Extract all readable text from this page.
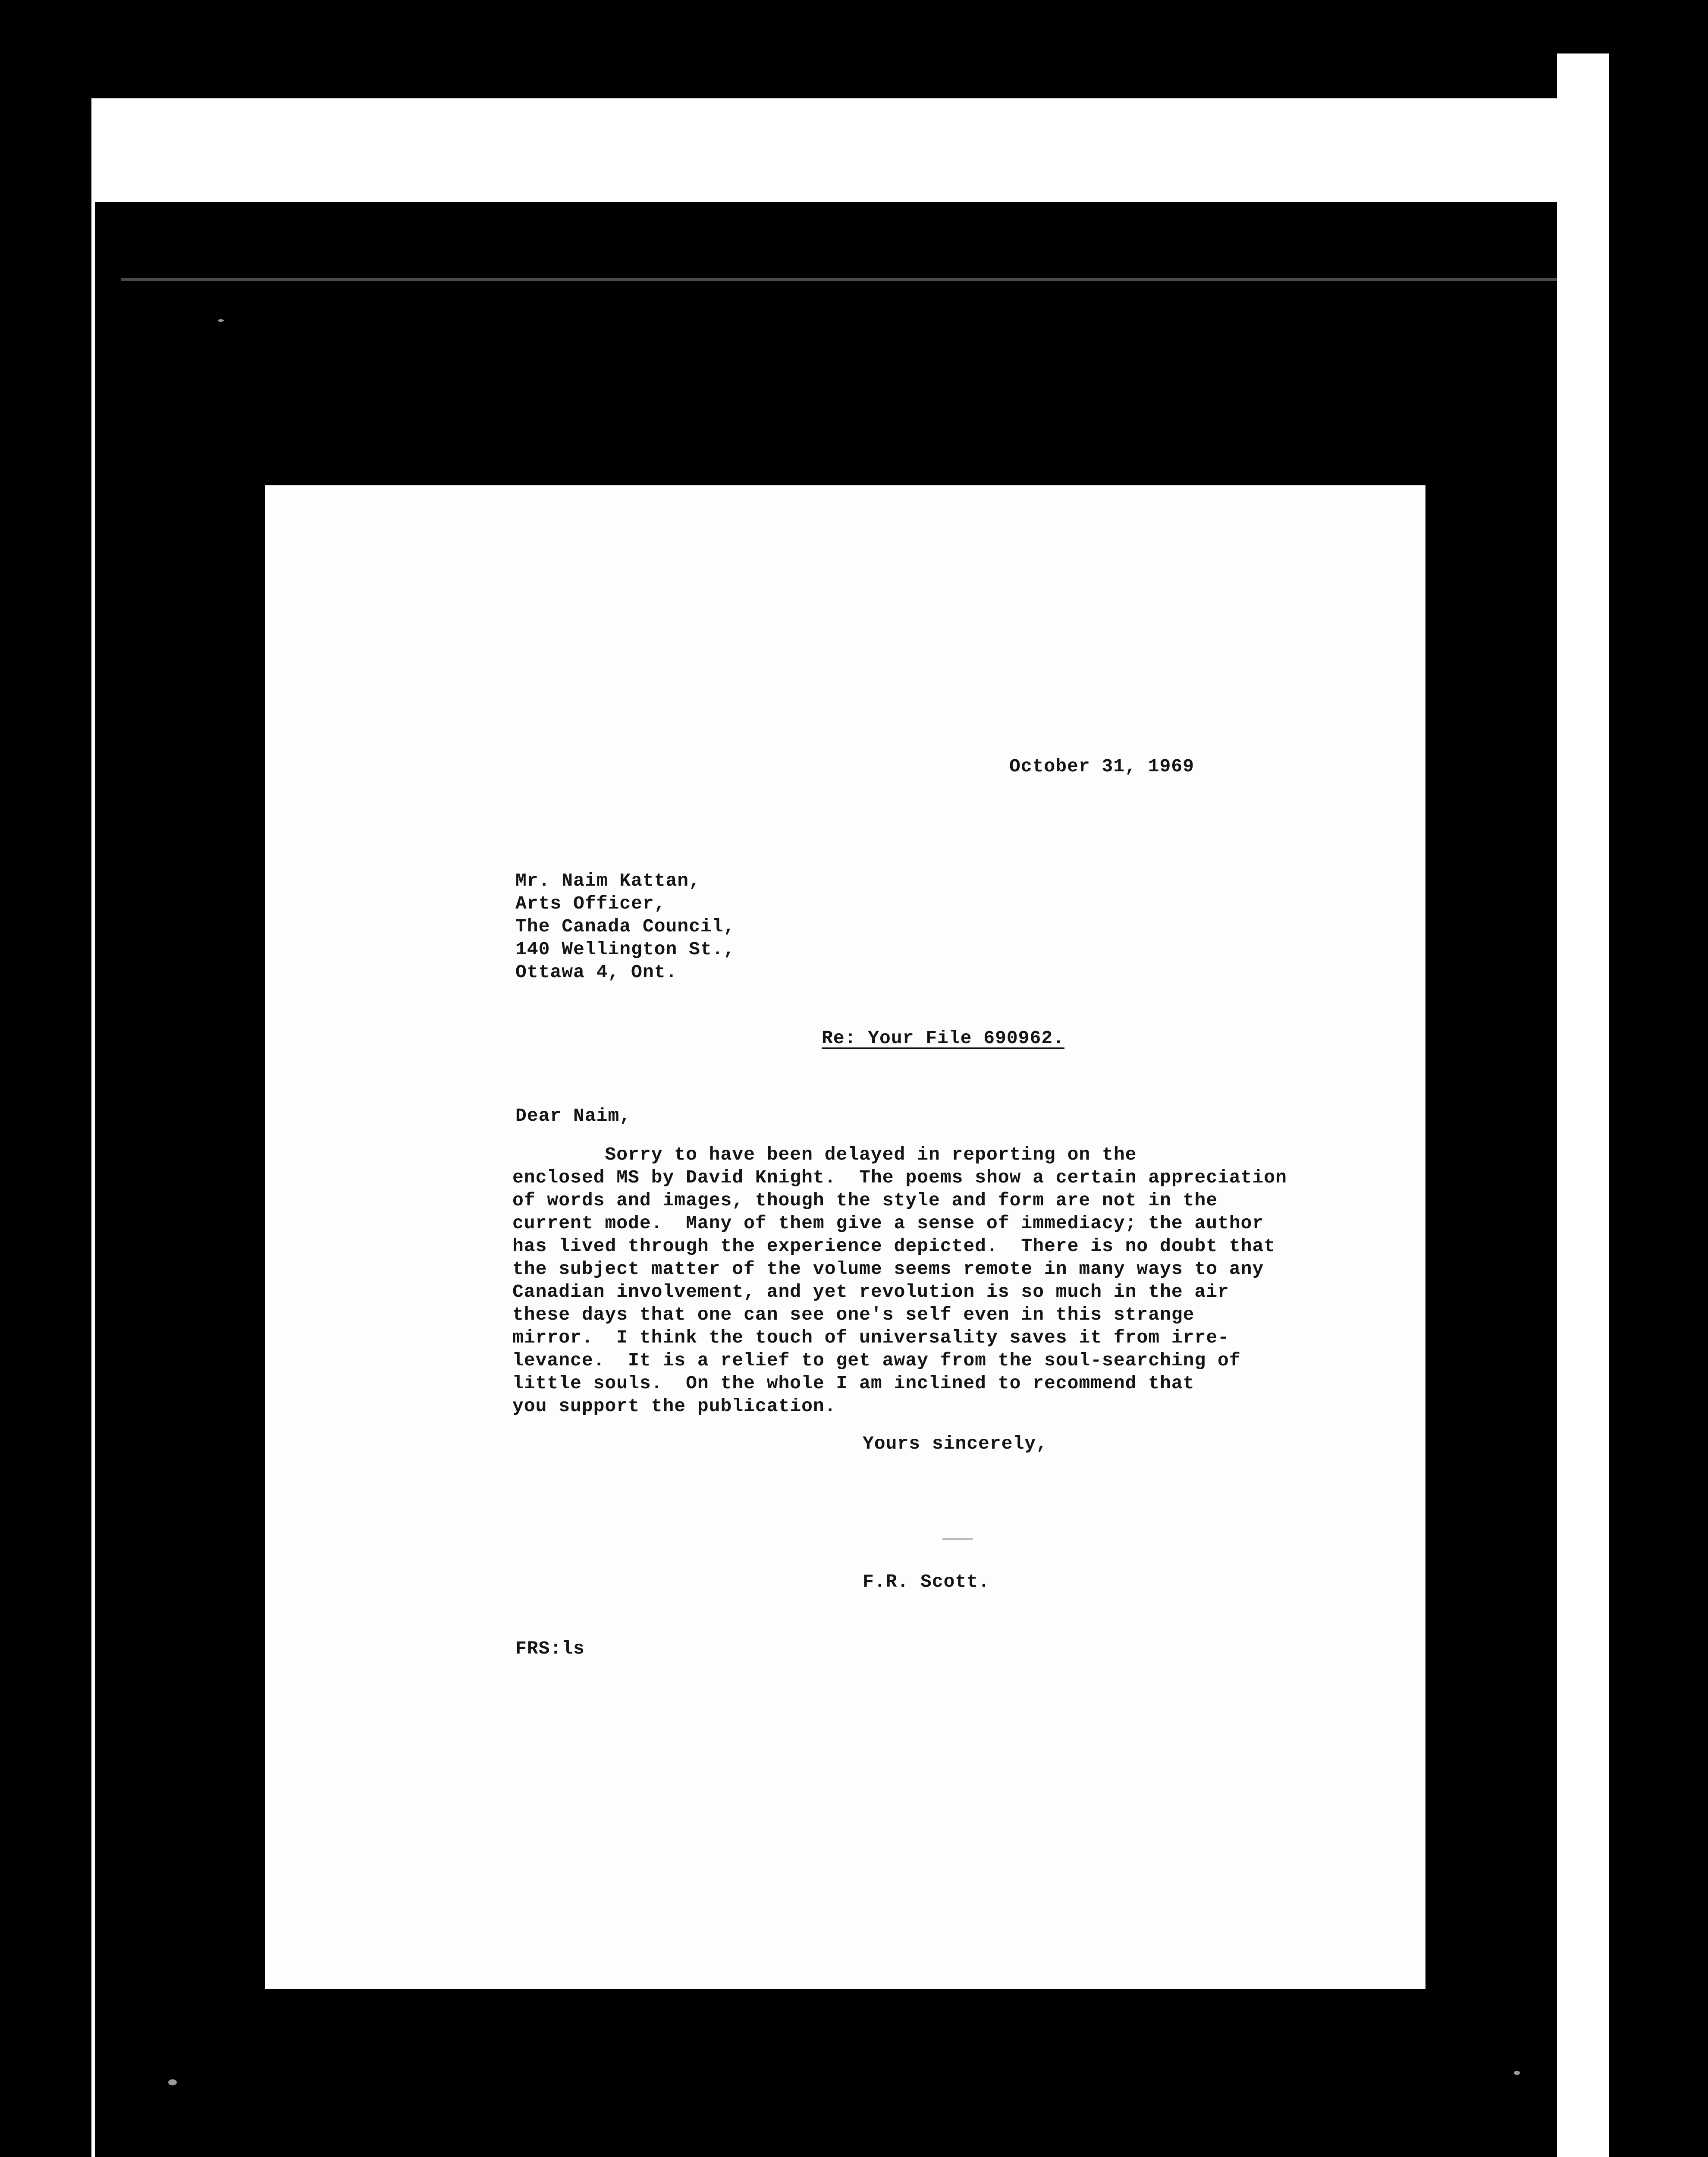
October 31, 1969
Mr. Naim Kattan,
Arts Officer,
The Canada Council,
140 Wellington St.,
Ottawa 4, Ont.
Re: Your File 690962.
Dear Naim,
Sorry to have been delayed in reporting on the
enclosed MS by David Knight.  The poems show a certain appreciation
of words and images, though the style and form are not in the
current mode.  Many of them give a sense of immediacy; the author
has lived through the experience depicted.  There is no doubt that
the subject matter of the volume seems remote in many ways to any
Canadian involvement, and yet revolution is so much in the air
these days that one can see one's self even in this strange
mirror.  I think the touch of universality saves it from irre-
levance.  It is a relief to get away from the soul-searching of
little souls.  On the whole I am inclined to recommend that
you support the publication.
Yours sincerely,
F.R. Scott.
FRS:ls
